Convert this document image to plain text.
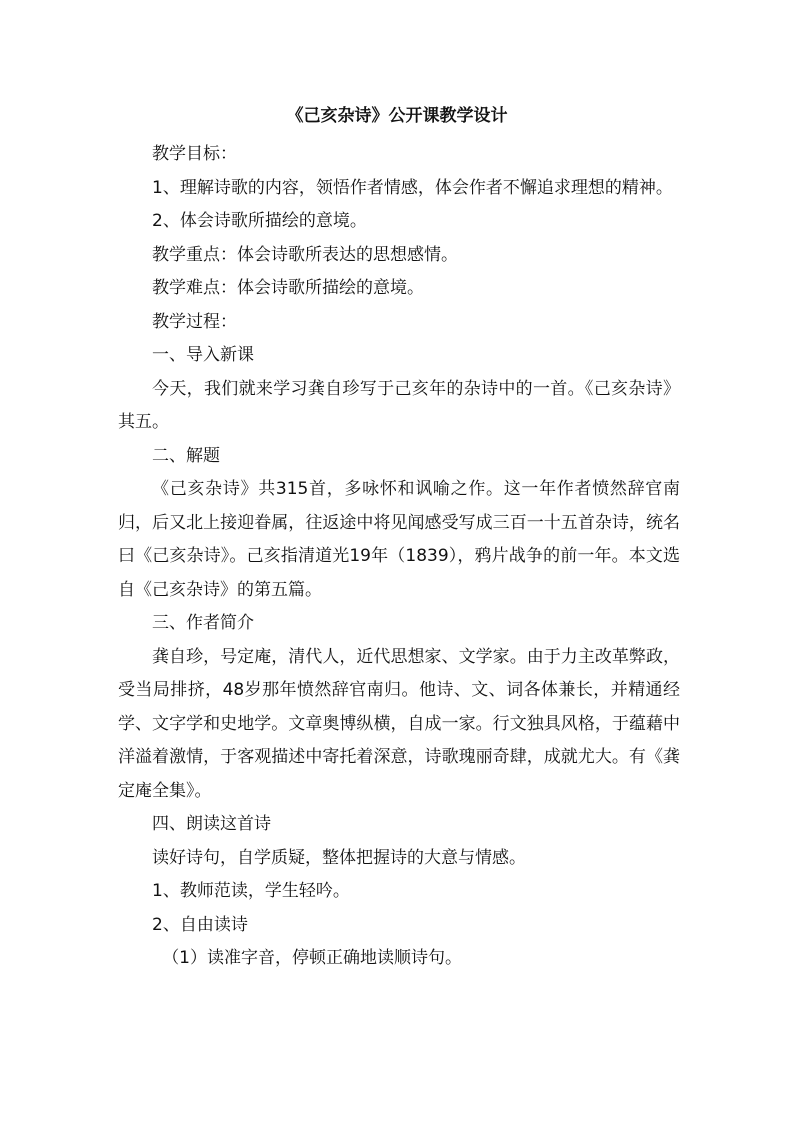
《己亥杂诗》公开课教学设计

教学目标：

1、理解诗歌的内容，领悟作者情感，体会作者不懈追求理想的精神。

2、体会诗歌所描绘的意境。

教学重点：体会诗歌所表达的思想感情。

教学难点：体会诗歌所描绘的意境。

教学过程：

一、导入新课

今天，我们就来学习龚自珍写于己亥年的杂诗中的一首。《己亥杂诗》其五。

二、解题

《己亥杂诗》共315首，多咏怀和讽喻之作。这一年作者愤然辞官南归，后又北上接迎眷属，往返途中将见闻感受写成三百一十五首杂诗，统名曰《己亥杂诗》。己亥指清道光19年（1839），鸦片战争的前一年。本文选自《己亥杂诗》的第五篇。

三、作者简介

龚自珍，号定庵，清代人，近代思想家、文学家。由于力主改革弊政，受当局排挤，48岁那年愤然辞官南归。他诗、文、词各体兼长，并精通经学、文字学和史地学。文章奥博纵横，自成一家。行文独具风格，于蕴藉中洋溢着激情，于客观描述中寄托着深意，诗歌瑰丽奇肆，成就尤大。有《龚定庵全集》。

四、朗读这首诗

读好诗句，自学质疑，整体把握诗的大意与情感。

1、教师范读，学生轻吟。

2、自由读诗

（1）读准字音，停顿正确地读顺诗句。
